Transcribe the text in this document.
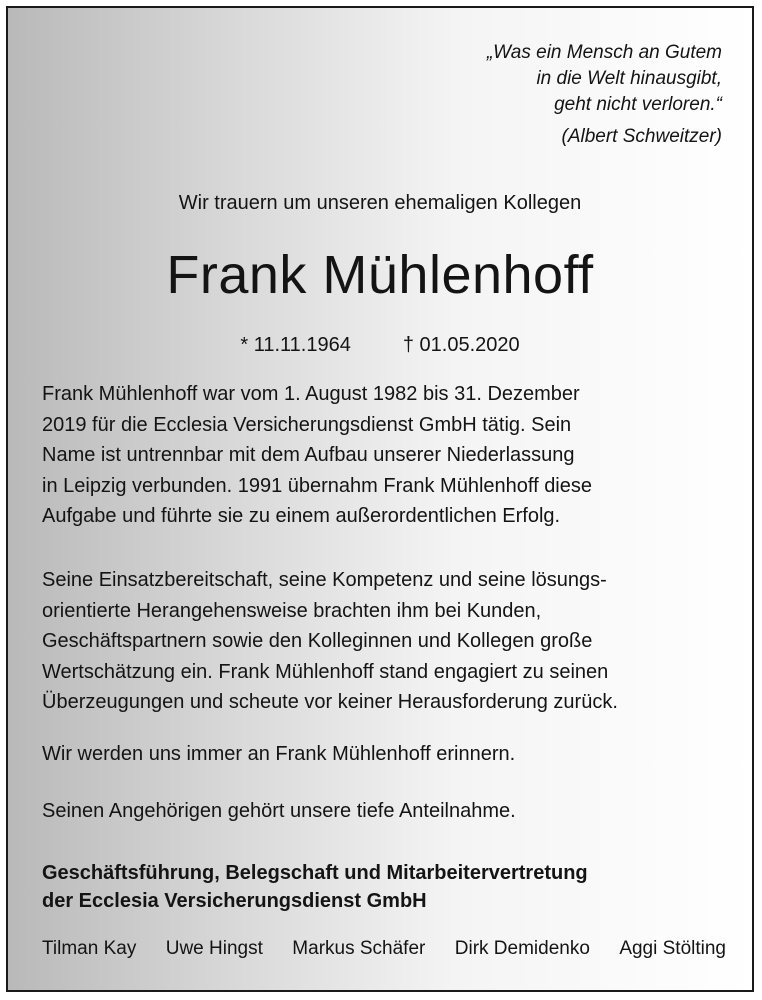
„Was ein Mensch an Gutem
in die Welt hinausgibt,
geht nicht verloren.“
(Albert Schweitzer)
Wir trauern um unseren ehemaligen Kollegen
Frank Mühlenhoff
* 11.11.1964	† 01.05.2020
Frank Mühlenhoff war vom 1. August 1982 bis 31. Dezember
2019 für die Ecclesia Versicherungsdienst GmbH tätig. Sein
Name ist untrennbar mit dem Aufbau unserer Niederlassung
in Leipzig verbunden. 1991 übernahm Frank Mühlenhoff diese
Aufgabe und führte sie zu einem außerordentlichen Erfolg.
Seine Einsatzbereitschaft, seine Kompetenz und seine lösungs-
orientierte Herangehensweise brachten ihm bei Kunden,
Geschäftspartnern sowie den Kolleginnen und Kollegen große
Wertschätzung ein. Frank Mühlenhoff stand engagiert zu seinen
Überzeugungen und scheute vor keiner Herausforderung zurück.
Wir werden uns immer an Frank Mühlenhoff erinnern.
Seinen Angehörigen gehört unsere tiefe Anteilnahme.
Geschäftsführung, Belegschaft und Mitarbeitervertretung
der Ecclesia Versicherungsdienst GmbH
Tilman Kay Uwe Hingst Markus Schäfer Dirk Demidenko Aggi Stölting
